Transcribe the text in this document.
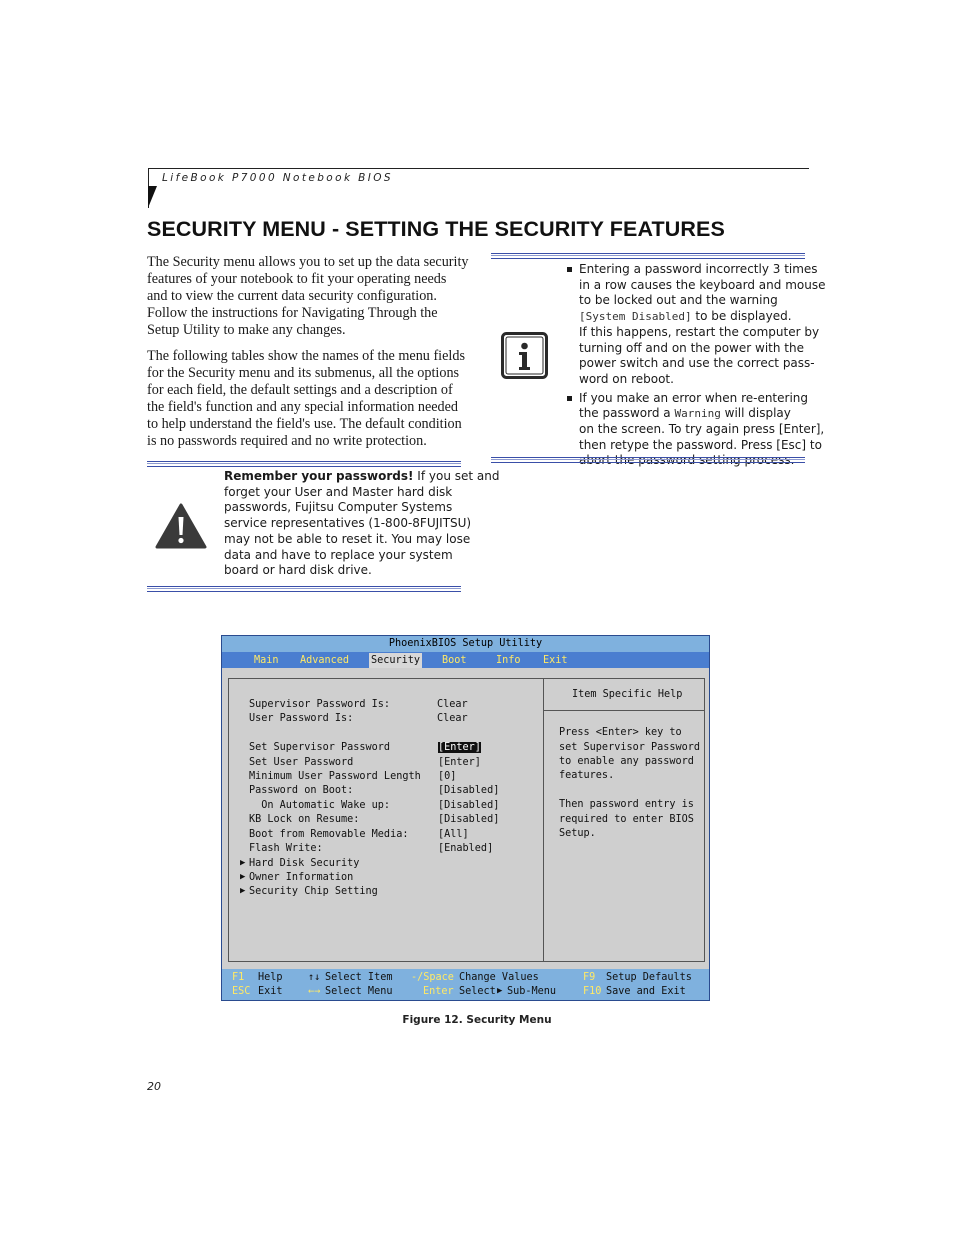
LifeBook P7000 Notebook BIOS
SECURITY MENU - SETTING THE SECURITY FEATURES
The Security menu allows you to set up the data security
features of your notebook to fit your operating needs
and to view the current data security configuration.
Follow the instructions for Navigating Through the
Setup Utility to make any changes.
The following tables show the names of the menu fields
for the Security menu and its submenus, all the options
for each field, the default settings and a description of
the field's function and any special information needed
to help understand the field's use. The default condition
is no passwords required and no write protection.
Remember your passwords! If you set and
forget your User and Master hard disk
passwords, Fujitsu Computer Systems
service representatives (1-800-8FUJITSU)
may not be able to reset it. You may lose
data and have to replace your system
board or hard disk drive.
Entering a password incorrectly 3 times
in a row causes the keyboard and mouse
to be locked out and the warning
[System Disabled] to be displayed.
If this happens, restart the computer by
turning off and on the power with the
power switch and use the correct pass-
word on reboot.
If you make an error when re-entering
the password a Warning will display
on the screen. To try again press [Enter],
then retype the password. Press [Esc] to
abort the password setting process.
PhoenixBIOS Setup Utility
Main Advanced Security Boot	Info Exit
Supervisor Password Is:	Clear
User Password Is:	Clear
Set Supervisor Password	[Enter]
Set User Password	[Enter]
Minimum User Password Length [0]
Password on Boot:	[Disabled]
On Automatic Wake up:	[Disabled]
KB Lock on Resume:	[Disabled]
Boot from Removable Media:	[All]
Flash Write:	[Enabled]
▶ Hard Disk Security
▶ Owner Information
▶ Security Chip Setting
Item Specific Help
Press <Enter> key to
set Supervisor Password
to enable any password
features.
Then password entry is
required to enter BIOS
Setup.
F1 Help
ESC Exit
↑↓ Select Item
←→ Select Menu
-/Space Change Values
Enter Select ▶ Sub-Menu
F9 Setup Defaults
F10 Save and Exit
Figure 12. Security Menu
20
